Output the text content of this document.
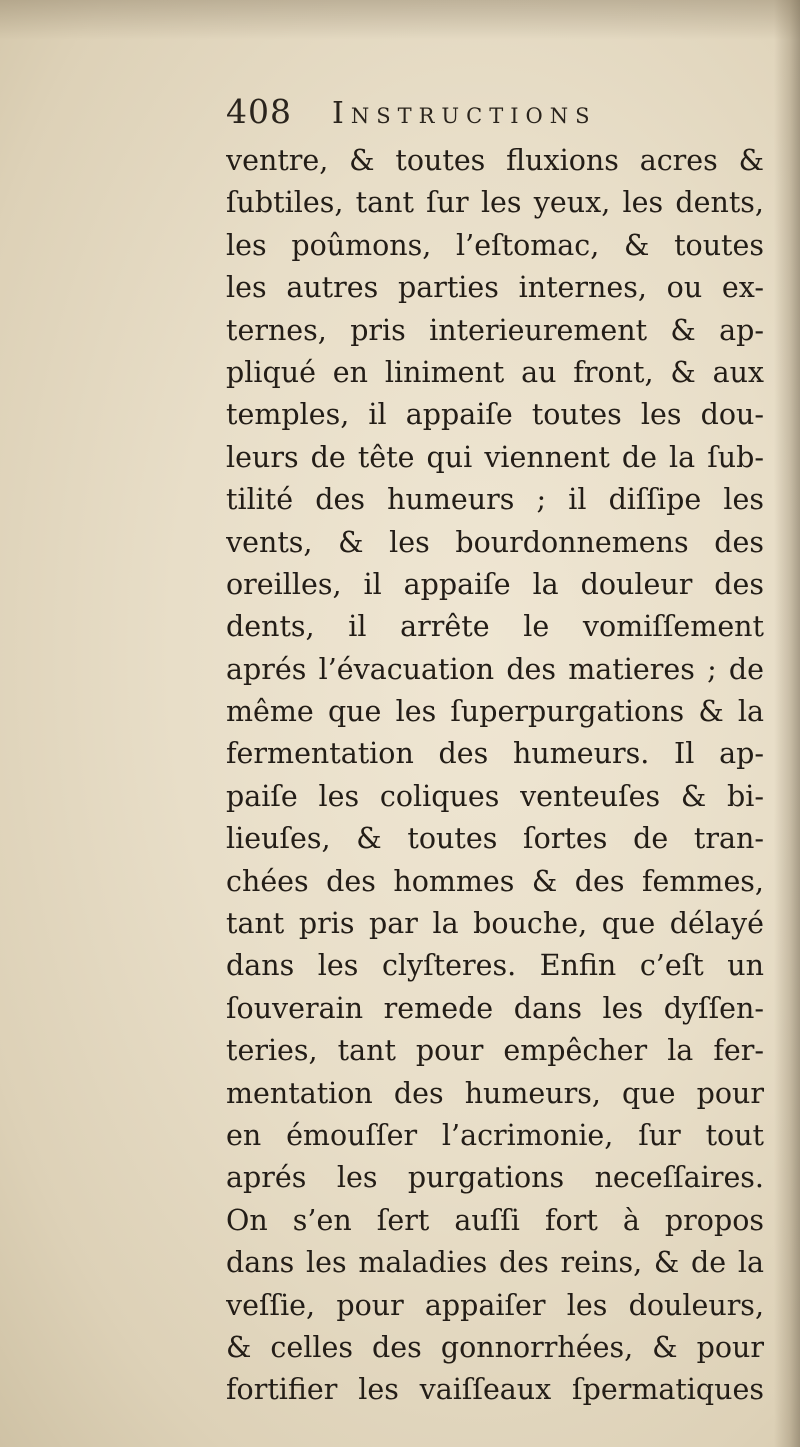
408 Instructions
ventre, & toutes fluxions acres &
ſubtiles, tant ſur les yeux, les dents,
les poûmons, l’eſtomac, & toutes
les autres parties internes, ou ex-
ternes, pris interieurement & ap-
pliqué en liniment au front, & aux
temples, il appaiſe toutes les dou-
leurs de tête qui viennent de la ſub-
tilité des humeurs ; il diſſipe les
vents, & les bourdonnemens des
oreilles, il appaiſe la douleur des
dents, il arrête le vomiſſement
aprés l’évacuation des matieres ; de
même que les ſuperpurgations & la
fermentation des humeurs. Il ap-
paiſe les coliques venteuſes & bi-
lieuſes, & toutes ſortes de tran-
chées des hommes & des femmes,
tant pris par la bouche, que délayé
dans les clyſteres. Enfin c’eſt un
ſouverain remede dans les dyſſen-
teries, tant pour empêcher la fer-
mentation des humeurs, que pour
en émouſſer l’acrimonie, ſur tout
aprés les purgations neceſſaires.
On s’en ſert auſſi fort à propos
dans les maladies des reins, & de la
veſſie, pour appaiſer les douleurs,
& celles des gonnorrhées, & pour
fortifier les vaiſſeaux ſpermatiques
